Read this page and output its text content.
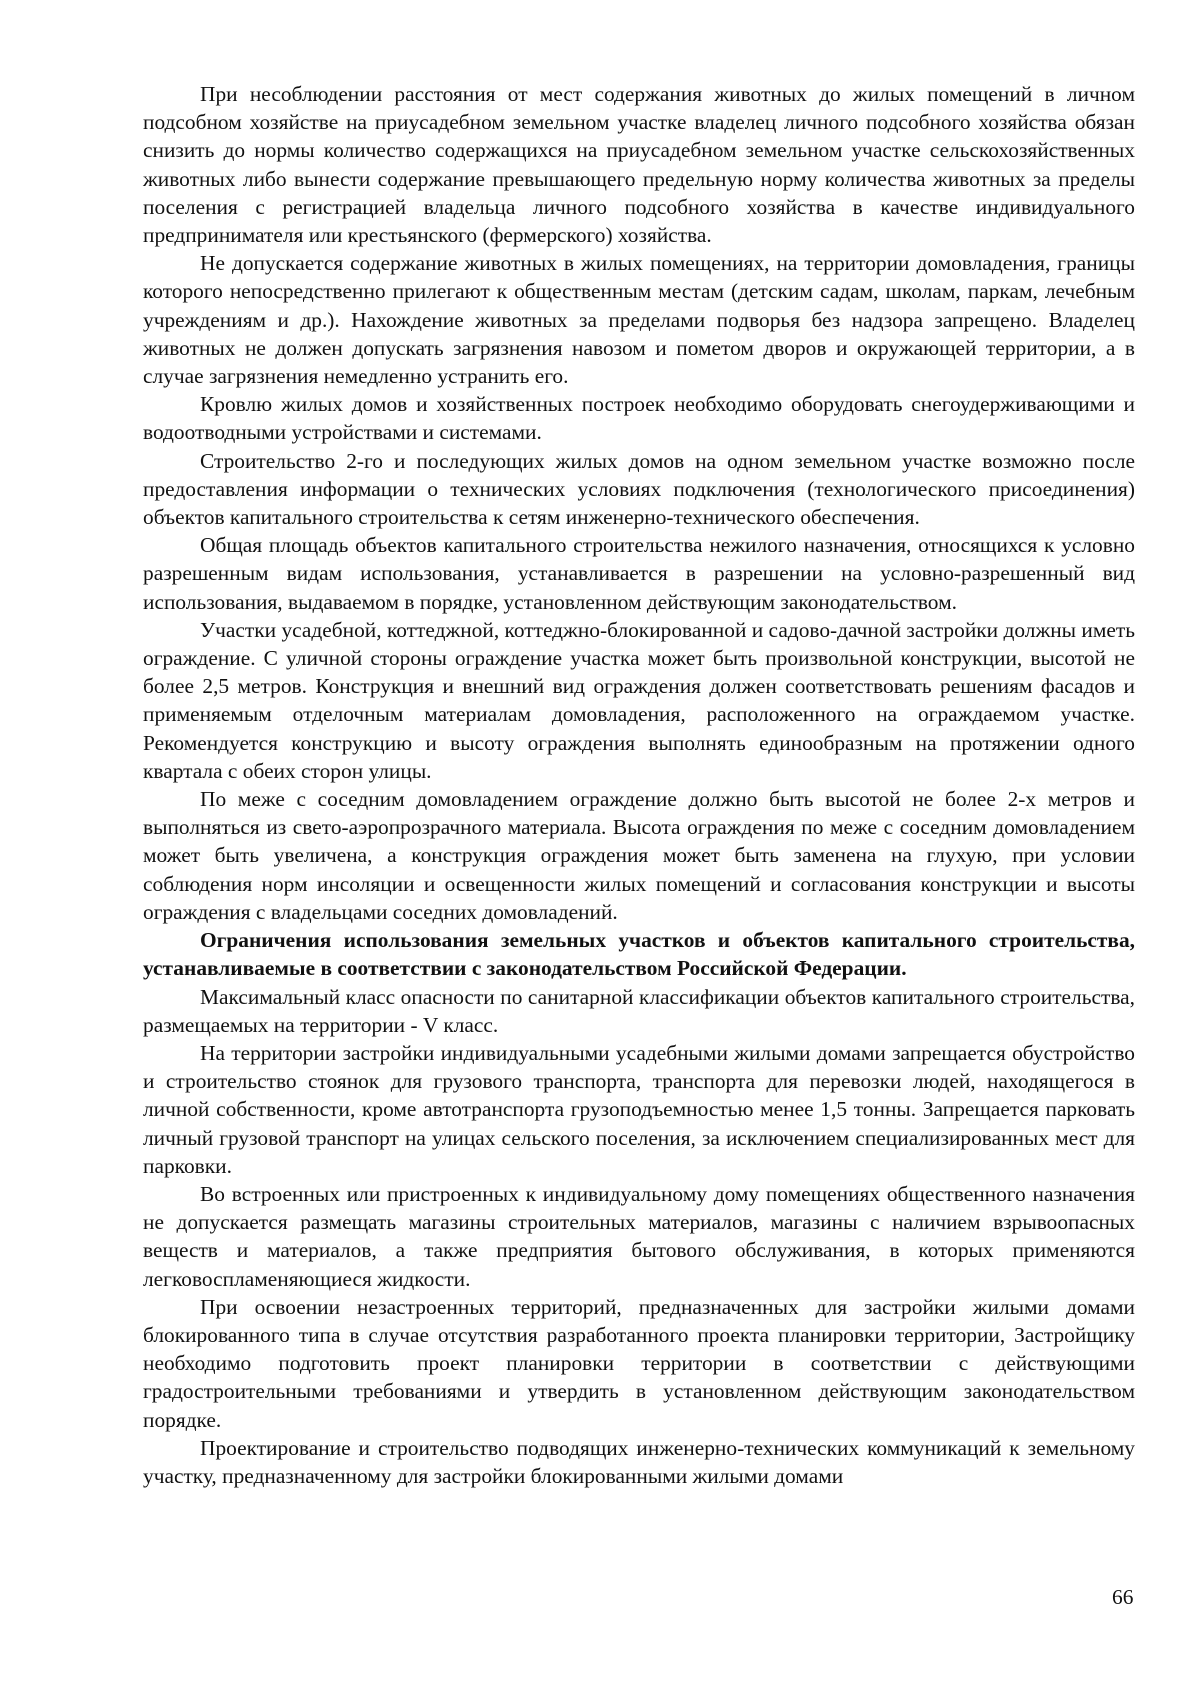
При несоблюдении расстояния от мест содержания животных до жилых помещений в личном подсобном хозяйстве на приусадебном земельном участке владелец личного подсобного хозяйства обязан снизить до нормы количество содержащихся на приусадебном земельном участке сельскохозяйственных животных либо вынести содержание превышающего предельную норму количества животных за пределы поселения с регистрацией владельца личного подсобного хозяйства в качестве индивидуального предпринимателя или крестьянского (фермерского) хозяйства.

Не допускается содержание животных в жилых помещениях, на территории домовладения, границы которого непосредственно прилегают к общественным местам (детским садам, школам, паркам, лечебным учреждениям и др.). Нахождение животных за пределами подворья без надзора запрещено. Владелец животных не должен допускать загрязнения навозом и пометом дворов и окружающей территории, а в случае загрязнения немедленно устранить его.

Кровлю жилых домов и хозяйственных построек необходимо оборудовать снегоудерживающими и водоотводными устройствами и системами.

Строительство 2-го и последующих жилых домов на одном земельном участке возможно после предоставления информации о технических условиях подключения (технологического присоединения) объектов капитального строительства к сетям инженерно-технического обеспечения.

Общая площадь объектов капитального строительства нежилого назначения, относящихся к условно разрешенным видам использования, устанавливается в разрешении на условно-разрешенный вид использования, выдаваемом в порядке, установленном действующим законодательством.

Участки усадебной, коттеджной, коттеджно-блокированной и садово-дачной застройки должны иметь ограждение. С уличной стороны ограждение участка может быть произвольной конструкции, высотой не более 2,5 метров. Конструкция и внешний вид ограждения должен соответствовать решениям фасадов и применяемым отделочным материалам домовладения, расположенного на ограждаемом участке. Рекомендуется конструкцию и высоту ограждения выполнять единообразным на протяжении одного квартала с обеих сторон улицы.

По меже с соседним домовладением ограждение должно быть высотой не более 2-х метров и выполняться из свето-аэропрозрачного материала. Высота ограждения по меже с соседним домовладением может быть увеличена, а конструкция ограждения может быть заменена на глухую, при условии соблюдения норм инсоляции и освещенности жилых помещений и согласования конструкции и высоты ограждения с владельцами соседних домовладений.

Ограничения использования земельных участков и объектов капитального строительства, устанавливаемые в соответствии с законодательством Российской Федерации.

Максимальный класс опасности по санитарной классификации объектов капитального строительства, размещаемых на территории - V класс.

На территории застройки индивидуальными усадебными жилыми домами запрещается обустройство и строительство стоянок для грузового транспорта, транспорта для перевозки людей, находящегося в личной собственности, кроме автотранспорта грузоподъемностью менее 1,5 тонны. Запрещается парковать личный грузовой транспорт на улицах сельского поселения, за исключением специализированных мест для парковки.

Во встроенных или пристроенных к индивидуальному дому помещениях общественного назначения не допускается размещать магазины строительных материалов, магазины с наличием взрывоопасных веществ и материалов, а также предприятия бытового обслуживания, в которых применяются легковоспламеняющиеся жидкости.

При освоении незастроенных территорий, предназначенных для застройки жилыми домами блокированного типа в случае отсутствия разработанного проекта планировки территории, Застройщику необходимо подготовить проект планировки территории в соответствии с действующими градостроительными требованиями и утвердить в установленном действующим законодательством порядке.

Проектирование и строительство подводящих инженерно-технических коммуникаций к земельному участку, предназначенному для застройки блокированными жилыми домами

66
